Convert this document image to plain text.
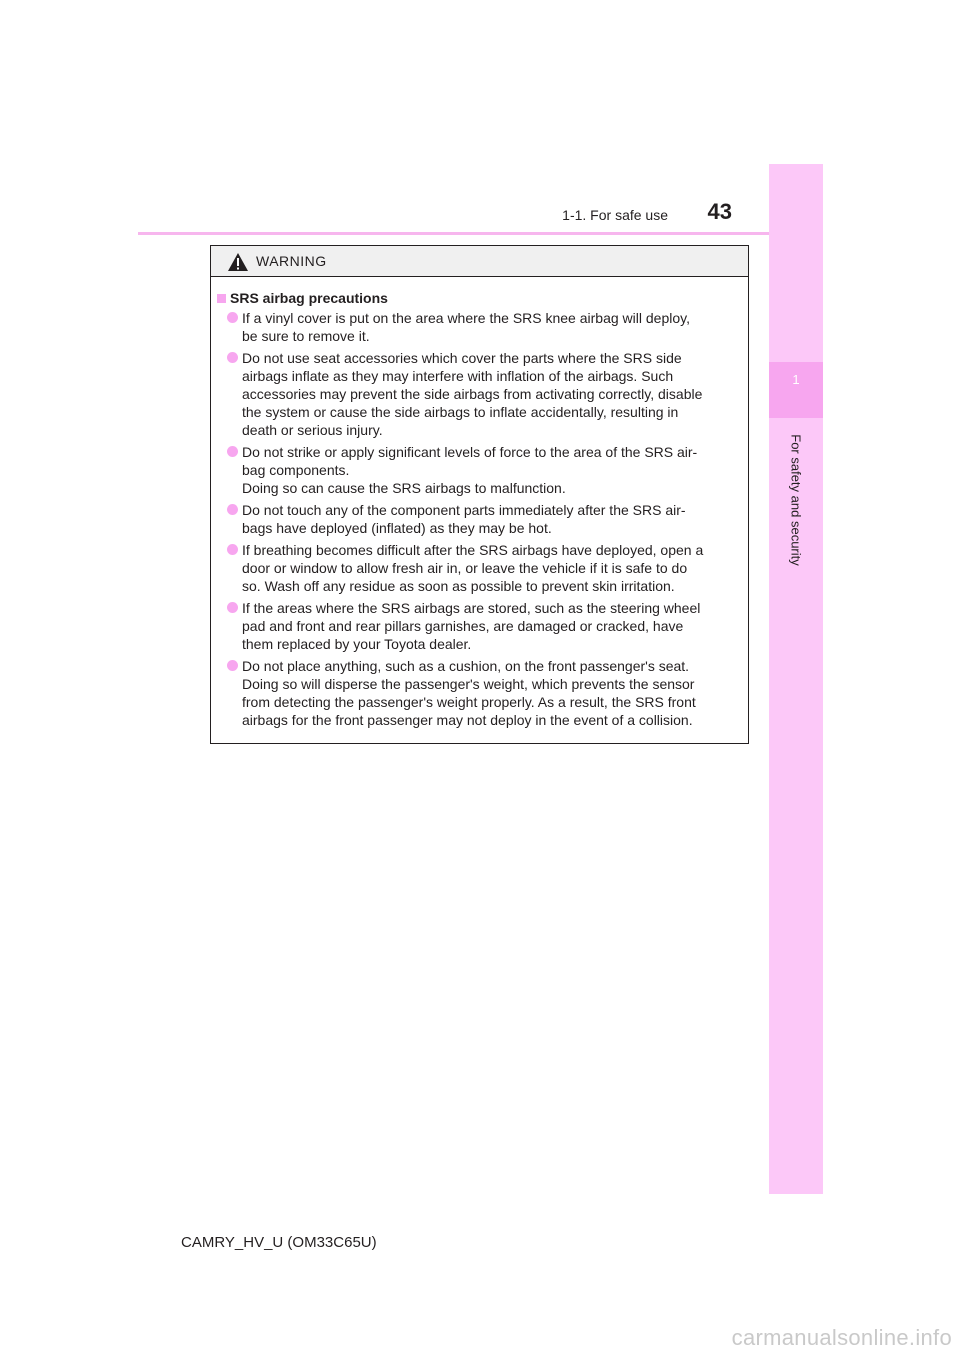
1-1. For safe use	43
1
For safety and security
WARNING
SRS airbag precautions
If a vinyl cover is put on the area where the SRS knee airbag will deploy,
be sure to remove it.
Do not use seat accessories which cover the parts where the SRS side
airbags inflate as they may interfere with inflation of the airbags. Such
accessories may prevent the side airbags from activating correctly, disable
the system or cause the side airbags to inflate accidentally, resulting in
death or serious injury.
Do not strike or apply significant levels of force to the area of the SRS air-
bag components.
Doing so can cause the SRS airbags to malfunction.
Do not touch any of the component parts immediately after the SRS air-
bags have deployed (inflated) as they may be hot.
If breathing becomes difficult after the SRS airbags have deployed, open a
door or window to allow fresh air in, or leave the vehicle if it is safe to do
so. Wash off any residue as soon as possible to prevent skin irritation.
If the areas where the SRS airbags are stored, such as the steering wheel
pad and front and rear pillars garnishes, are damaged or cracked, have
them replaced by your Toyota dealer.
Do not place anything, such as a cushion, on the front passenger's seat.
Doing so will disperse the passenger's weight, which prevents the sensor
from detecting the passenger's weight properly. As a result, the SRS front
airbags for the front passenger may not deploy in the event of a collision.
CAMRY_HV_U (OM33C65U)
carmanualsonline.info
